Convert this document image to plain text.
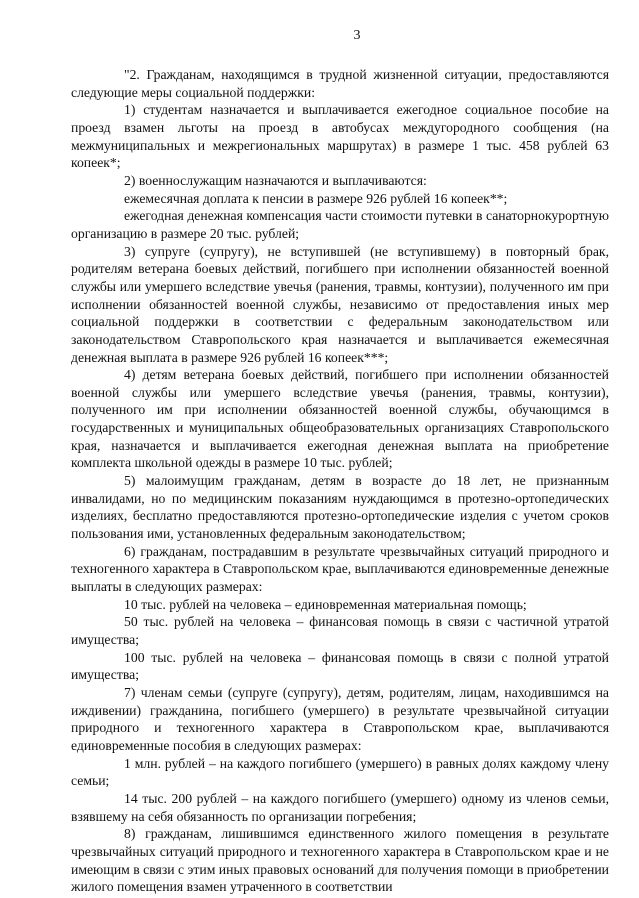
3

"2. Гражданам, находящимся в трудной жизненной ситуации, предоставляются следующие меры социальной поддержки:

1) студентам назначается и выплачивается ежегодное социальное пособие на проезд взамен льготы на проезд в автобусах междугородного сообщения (на межмуниципальных и межрегиональных маршрутах) в размере 1 тыс. 458 рублей 63 копеек*;

2) военнослужащим назначаются и выплачиваются:

ежемесячная доплата к пенсии в размере 926 рублей 16 копеек**;

ежегодная денежная компенсация части стоимости путевки в санаторнокурортную организацию в размере 20 тыс. рублей;

3) супруге (супругу), не вступившей (не вступившему) в повторный брак, родителям ветерана боевых действий, погибшего при исполнении обязанностей военной службы или умершего вследствие увечья (ранения, травмы, контузии), полученного им при исполнении обязанностей военной службы, независимо от предоставления иных мер социальной поддержки в соответствии с федеральным законодательством или законодательством Ставропольского края назначается и выплачивается ежемесячная денежная выплата в размере 926 рублей 16 копеек***;

4) детям ветерана боевых действий, погибшего при исполнении обязанностей военной службы или умершего вследствие увечья (ранения, травмы, контузии), полученного им при исполнении обязанностей военной службы, обучающимся в государственных и муниципальных общеобразовательных организациях Ставропольского края, назначается и выплачивается ежегодная денежная выплата на приобретение комплекта школьной одежды в размере 10 тыс. рублей;

5) малоимущим гражданам, детям в возрасте до 18 лет, не признанным инвалидами, но по медицинским показаниям нуждающимся в протезно-ортопедических изделиях, бесплатно предоставляются протезно-ортопедические изделия с учетом сроков пользования ими, установленных федеральным законодательством;

6) гражданам, пострадавшим в результате чрезвычайных ситуаций природного и техногенного характера в Ставропольском крае, выплачиваются единовременные денежные выплаты в следующих размерах:

10 тыс. рублей на человека – единовременная материальная помощь;

50 тыс. рублей на человека – финансовая помощь в связи с частичной утратой имущества;

100 тыс. рублей на человека – финансовая помощь в связи с полной утратой имущества;

7) членам семьи (супруге (супругу), детям, родителям, лицам, находившимся на иждивении) гражданина, погибшего (умершего) в результате чрезвычайной ситуации природного и техногенного характера в Ставропольском крае, выплачиваются единовременные пособия в следующих размерах:

1 млн. рублей – на каждого погибшего (умершего) в равных долях каждому члену семьи;

14 тыс. 200 рублей – на каждого погибшего (умершего) одному из членов семьи, взявшему на себя обязанность по организации погребения;

8) гражданам, лишившимся единственного жилого помещения в результате чрезвычайных ситуаций природного и техногенного характера в Ставропольском крае и не имеющим в связи с этим иных правовых оснований для получения помощи в приобретении жилого помещения взамен утраченного в соответствии
